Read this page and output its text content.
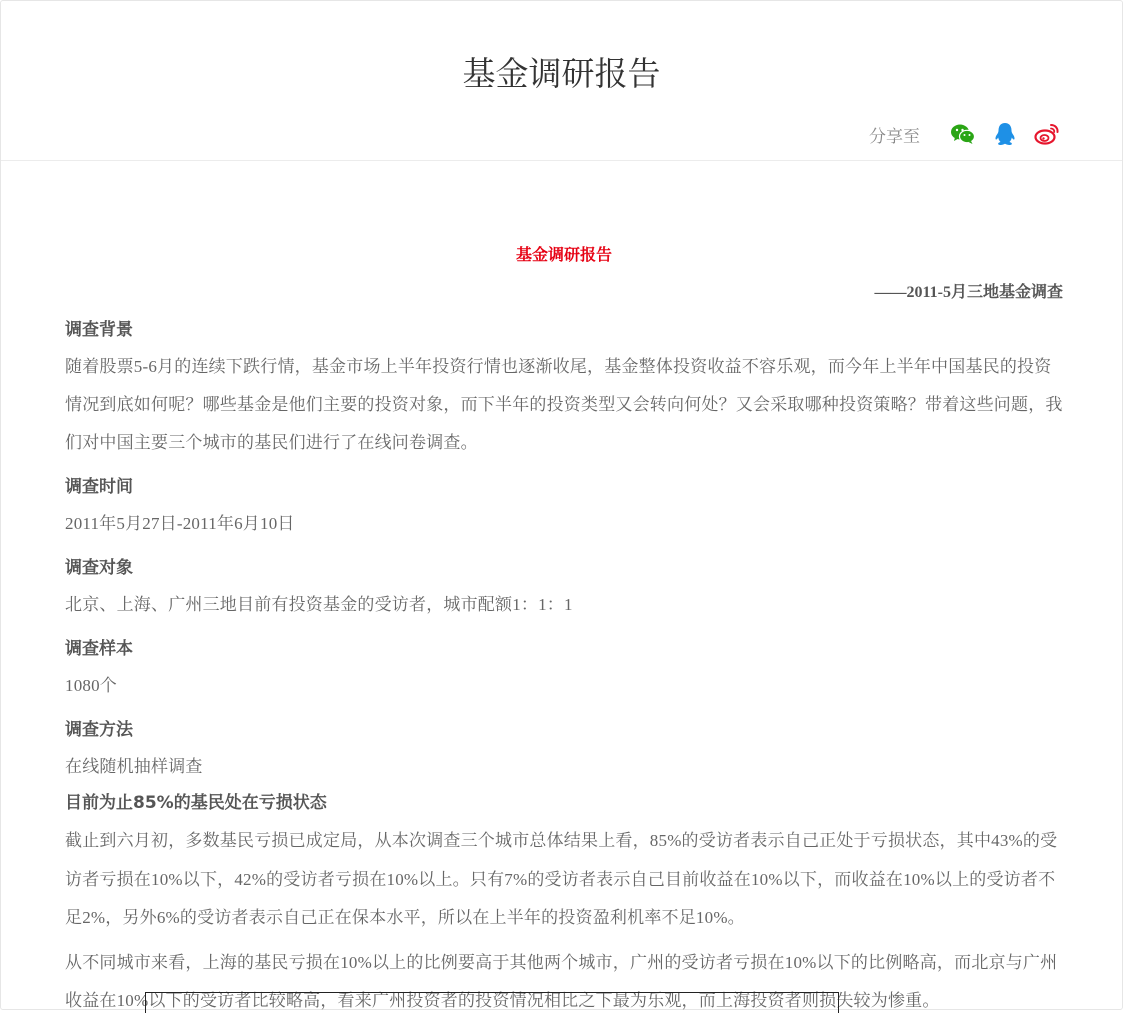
基金调研报告
分享至
基金调研报告
——2011-5月三地基金调查
调查背景
随着股票5-6月的连续下跌行情，基金市场上半年投资行情也逐渐收尾，基金整体投资收益不容乐观，而今年上半年中国基民的投资情况到底如何呢？哪些基金是他们主要的投资对象，而下半年的投资类型又会转向何处？又会采取哪种投资策略？带着这些问题，我们对中国主要三个城市的基民们进行了在线问卷调查。
调查时间
2011年5月27日-2011年6月10日
调查对象
北京、上海、广州三地目前有投资基金的受访者，城市配额1：1：1
调查样本
1080个
调查方法
在线随机抽样调查
目前为止85%的基民处在亏损状态
截止到六月初，多数基民亏损已成定局，从本次调查三个城市总体结果上看，85%的受访者表示自己正处于亏损状态，其中43%的受访者亏损在10%以下，42%的受访者亏损在10%以上。只有7%的受访者表示自己目前收益在10%以下，而收益在10%以上的受访者不足2%，另外6%的受访者表示自己正在保本水平，所以在上半年的投资盈利机率不足10%。
从不同城市来看，上海的基民亏损在10%以上的比例要高于其他两个城市，广州的受访者亏损在10%以下的比例略高，而北京与广州收益在10%以下的受访者比较略高，看来广州投资者的投资情况相比之下最为乐观，而上海投资者则损失较为惨重。
